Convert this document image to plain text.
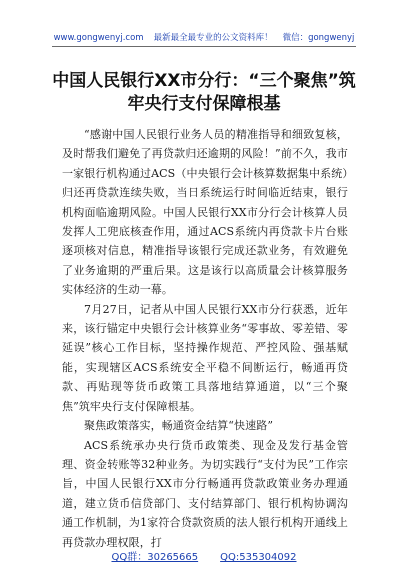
www.gongwenyj.com 最新最全最专业的公文资料库！ 微信：gongwenyj
中国人民银行XX市分行：“三个聚焦”筑牢央行支付保障根基

“感谢中国人民银行业务人员的精准指导和细致复核，及时帮我们避免了再贷款归还逾期的风险！”前不久，我市一家银行机构通过ACS（中央银行会计核算数据集中系统）归还再贷款连续失败，当日系统运行时间临近结束，银行机构面临逾期风险。中国人民银行XX市分行会计核算人员发挥人工兜底核查作用，通过ACS系统内再贷款卡片台账逐项核对信息，精准指导该银行完成还款业务，有效避免了业务逾期的严重后果。这是该行以高质量会计核算服务实体经济的生动一幕。

7月27日，记者从中国人民银行XX市分行获悉，近年来，该行锚定中央银行会计核算业务“零事故、零差错、零延误”核心工作目标，坚持操作规范、严控风险、强基赋能，实现辖区ACS系统安全平稳不间断运行，畅通再贷款、再贴现等货币政策工具落地结算通道，以“三个聚焦”筑牢央行支付保障根基。

聚焦政策落实，畅通资金结算“快速路”

ACS系统承办央行货币政策类、现金及发行基金管理、资金转账等32种业务。为切实践行“支付为民”工作宗旨，中国人民银行XX市分行畅通再贷款政策业务办理通道，建立货币信贷部门、支付结算部门、银行机构协调沟通工作机制，为1家符合贷款资质的法人银行机构开通线上再贷款办理权限，打

QQ群：30265665 QQ:535304092
